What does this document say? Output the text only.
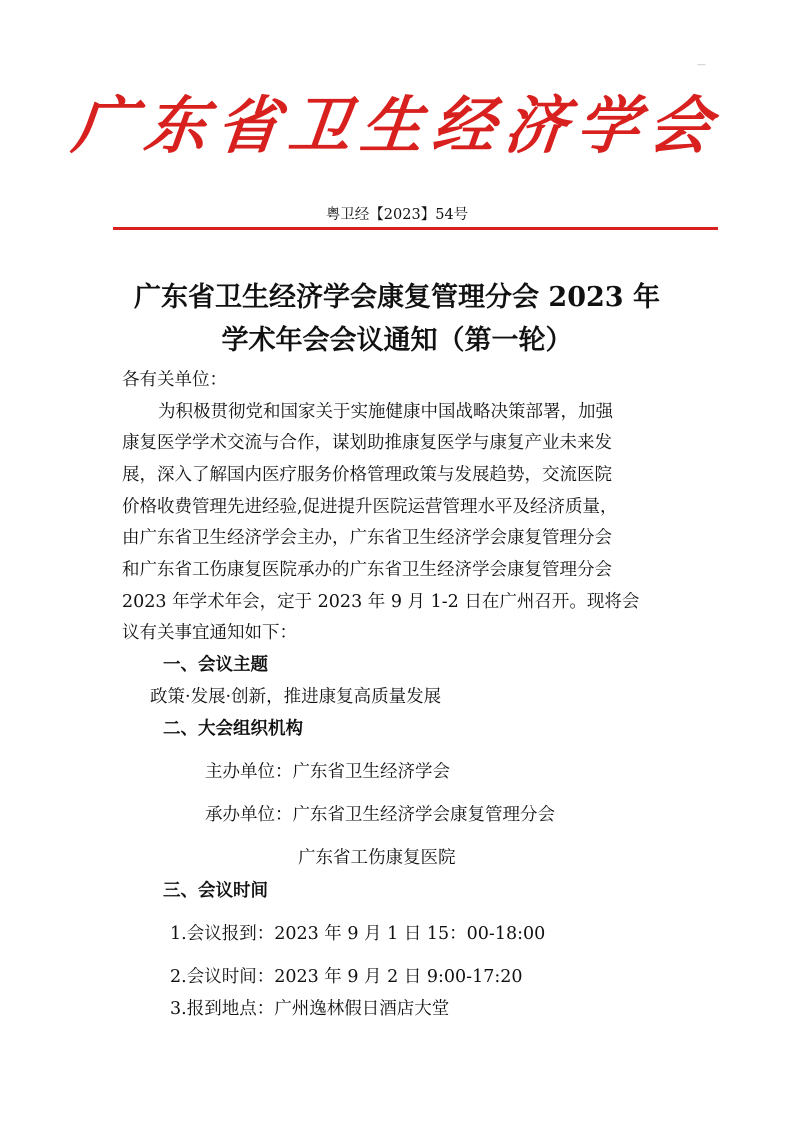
—
广东省卫生经济学会
粤卫经【2023】54号
广东省卫生经济学会康复管理分会 2023 年
学术年会会议通知（第一轮）
各有关单位：
为积极贯彻党和国家关于实施健康中国战略决策部署，加强
康复医学学术交流与合作，谋划助推康复医学与康复产业未来发
展，深入了解国内医疗服务价格管理政策与发展趋势，交流医院
价格收费管理先进经验,促进提升医院运营管理水平及经济质量，
由广东省卫生经济学会主办，广东省卫生经济学会康复管理分会
和广东省工伤康复医院承办的广东省卫生经济学会康复管理分会
2023 年学术年会，定于 2023 年 9 月 1-2 日在广州召开。现将会
议有关事宜通知如下：
一、会议主题
政策·发展·创新，推进康复高质量发展
二、大会组织机构
主办单位：广东省卫生经济学会
承办单位：广东省卫生经济学会康复管理分会
广东省工伤康复医院
三、会议时间
1.会议报到：2023 年 9 月 1 日 15：00-18:00
2.会议时间：2023 年 9 月 2 日 9:00-17:20
3.报到地点：广州逸林假日酒店大堂
